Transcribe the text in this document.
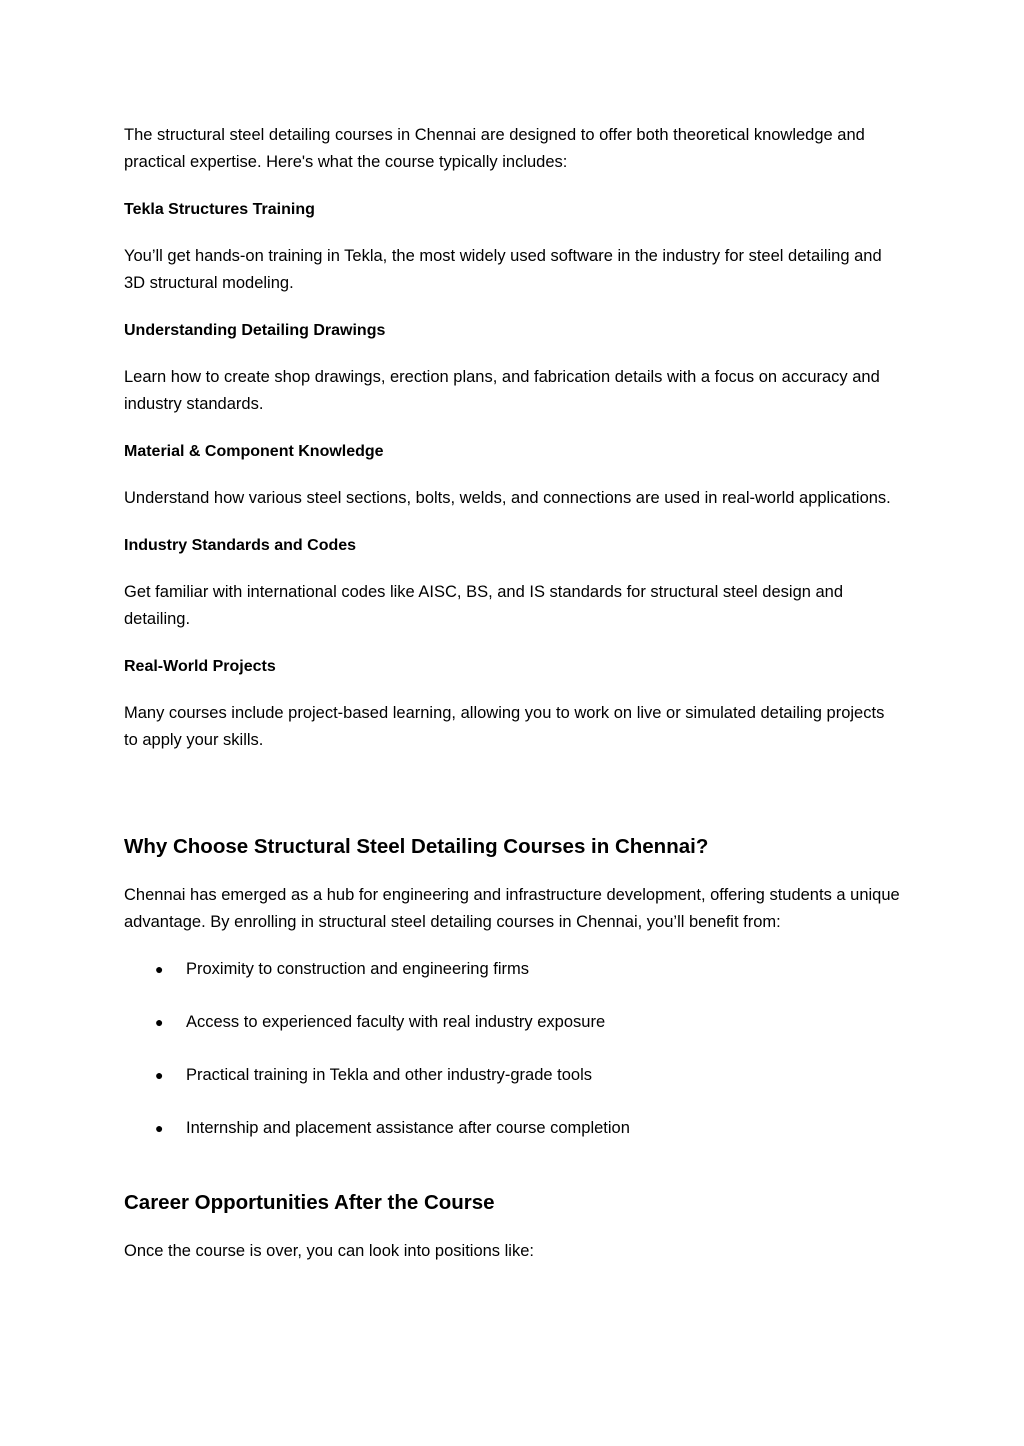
The structural steel detailing courses in Chennai are designed to offer both theoretical knowledge and practical expertise. Here's what the course typically includes:

Tekla Structures Training

You’ll get hands-on training in Tekla, the most widely used software in the industry for steel detailing and 3D structural modeling.

Understanding Detailing Drawings

Learn how to create shop drawings, erection plans, and fabrication details with a focus on accuracy and industry standards.

Material & Component Knowledge

Understand how various steel sections, bolts, welds, and connections are used in real-world applications.

Industry Standards and Codes

Get familiar with international codes like AISC, BS, and IS standards for structural steel design and detailing.

Real-World Projects

Many courses include project-based learning, allowing you to work on live or simulated detailing projects to apply your skills.

Why Choose Structural Steel Detailing Courses in Chennai?

Chennai has emerged as a hub for engineering and infrastructure development, offering students a unique advantage. By enrolling in structural steel detailing courses in Chennai, you’ll benefit from:

● Proximity to construction and engineering firms
● Access to experienced faculty with real industry exposure
● Practical training in Tekla and other industry-grade tools
● Internship and placement assistance after course completion
Career Opportunities After the Course

Once the course is over, you can look into positions like:
